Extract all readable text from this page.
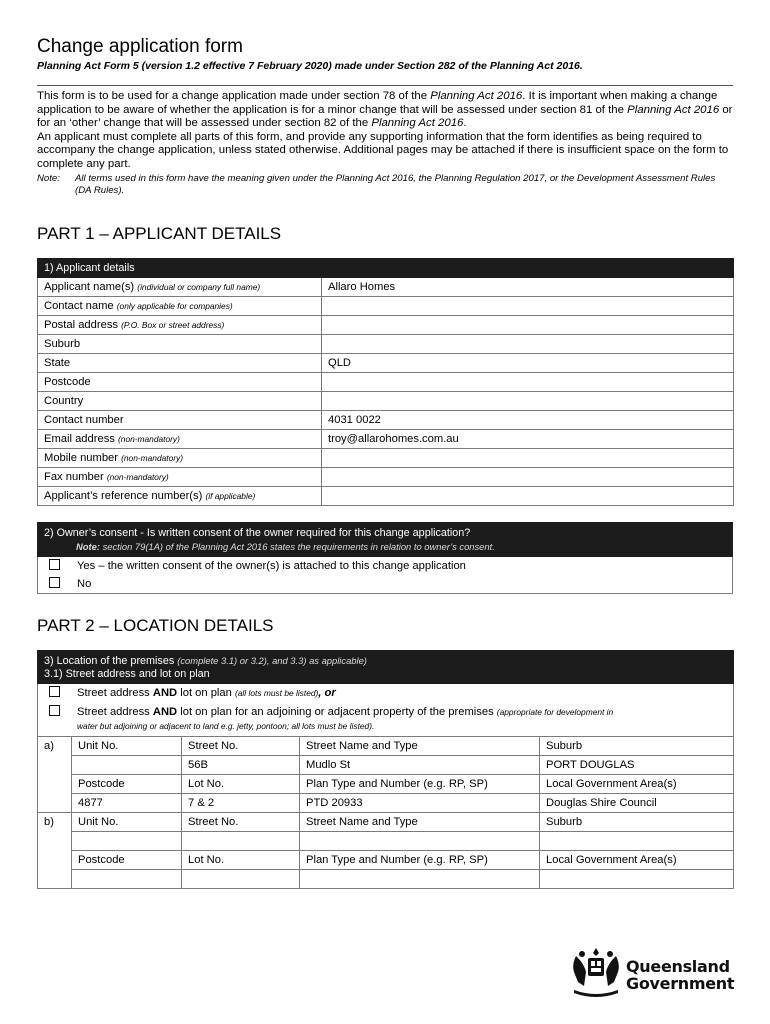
Change application form
Planning Act Form 5 (version 1.2 effective 7 February 2020) made under Section 282 of the Planning Act 2016.

This form is to be used for a change application made under section 78 of the Planning Act 2016. It is important when making a change application to be aware of whether the application is for a minor change that will be assessed under section 81 of the Planning Act 2016 or for an ‘other’ change that will be assessed under section 82 of the Planning Act 2016.

An applicant must complete all parts of this form, and provide any supporting information that the form identifies as being required to accompany the change application, unless stated otherwise. Additional pages may be attached if there is insufficient space on the form to complete any part.

Note:	All terms used in this form have the meaning given under the Planning Act 2016, the Planning Regulation 2017, or the Development Assessment Rules (DA Rules).
PART 1 – APPLICANT DETAILS
1) Applicant details	
Applicant name(s) (individual or company full name)	Allaro Homes
Contact name (only applicable for companies)	
Postal address (P.O. Box or street address)	
Suburb	
State	QLD
Postcode	
Country	
Contact number	4031 0022
Email address (non-mandatory)	troy@allarohomes.com.au
Mobile number (non-mandatory)	
Fax number (non-mandatory)	
Applicant’s reference number(s) (if applicable)	
2) Owner’s consent - Is written consent of the owner required for this change application?
Note: section 79(1A) of the Planning Act 2016 states the requirements in relation to owner’s consent.

Yes – the written consent of the owner(s) is attached to this change application
No
PART 2 – LOCATION DETAILS
3) Location of the premises (complete 3.1) or 3.2), and 3.3) as applicable)
3.1) Street address and lot on plan				

Street address AND lot on plan (all lots must be listed), or				

Street address AND lot on plan for an adjoining or adjacent property of the premises (appropriate for development in
water but adjoining or adjacent to land e.g. jetty, pontoon; all lots must be listed).				

a)	Unit No.	Street No.	Street Name and Type	Suburb
		56B	Mudlo St	PORT DOUGLAS
	Postcode	Lot No.	Plan Type and Number (e.g. RP, SP)	Local Government Area(s)
	4877	7 & 2	PTD 20933	Douglas Shire Council
b)	Unit No.	Street No.	Street Name and Type	Suburb

	Postcode	Lot No.	Plan Type and Number (e.g. RP, SP)	Local Government Area(s)

Queensland
Government
